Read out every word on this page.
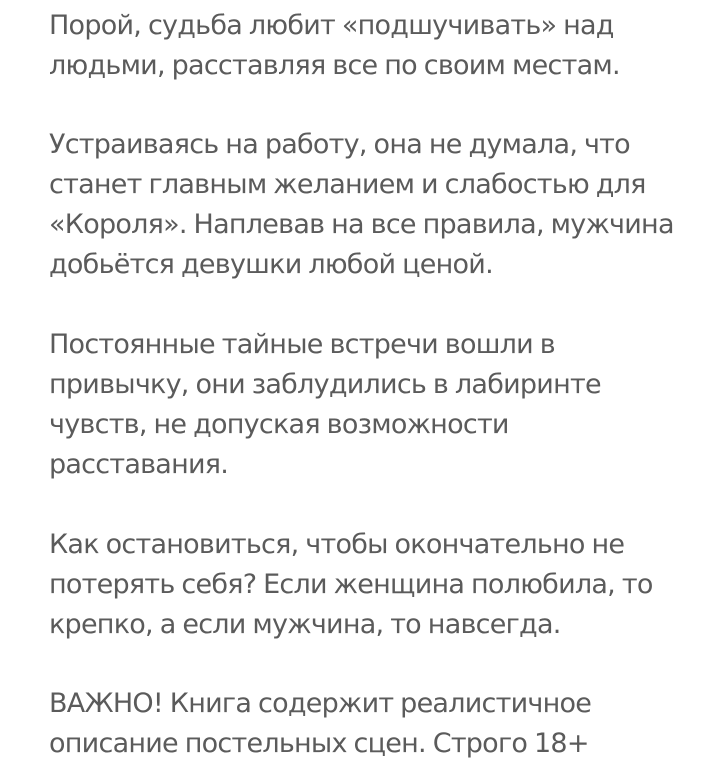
Порой, судьба любит «подшучивать» над
людьми, расставляя все по своим местам.

Устраиваясь на работу, она не думала, что
станет главным желанием и слабостью для
«Короля». Наплевав на все правила, мужчина
добьётся девушки любой ценой.

Постоянные тайные встречи вошли в
привычку, они заблудились в лабиринте
чувств, не допуская возможности
расставания.

Как остановиться, чтобы окончательно не
потерять себя? Если женщина полюбила, то
крепко, а если мужчина, то навсегда.

ВАЖНО! Книга содержит реалистичное
описание постельных сцен. Строго 18+
